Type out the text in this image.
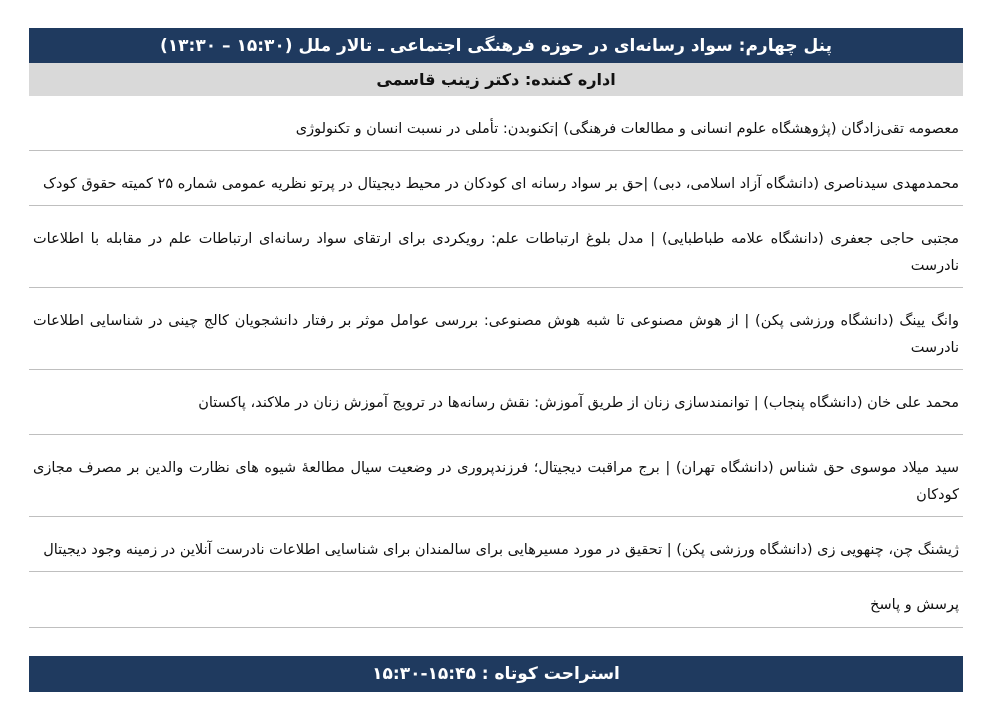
پنل چهارم: سواد رسانه‌ای در حوزه فرهنگی اجتماعی ـ تالار ملل (۱۵:۳۰ – ۱۳:۳۰)
اداره کننده: دکتر زینب قاسمی
معصومه تقی‌زادگان (پژوهشگاه علوم انسانی و مطالعات فرهنگی) |تکنوبدن: تأملی در نسبت انسان و تکنولوژی
محمدمهدی سیدناصری (دانشگاه آزاد اسلامی، دبی) |حق بر سواد رسانه ای کودکان در محیط دیجیتال در پرتو نظریه عمومی شماره ۲۵ کمیته حقوق کودک
مجتبی حاجی جعفری (دانشگاه علامه طباطبایی) | مدل بلوغ ارتباطات علم: رویکردی برای ارتقای سواد رسانه‌ای ارتباطات علم در مقابله با اطلاعات نادرست
وانگ یینگ (دانشگاه ورزشی پکن) | از هوش مصنوعی تا شبه هوش مصنوعی: بررسی عوامل موثر بر رفتار دانشجویان کالج چینی در شناسایی اطلاعات نادرست
محمد علی خان (دانشگاه پنجاب) | توانمندسازی زنان از طریق آموزش: نقش رسانه‌ها در ترویج آموزش زنان در ملاکند، پاکستان
سید میلاد موسوی حق شناس (دانشگاه تهران) | برج مراقبت دیجیتال؛ فرزندپروری در وضعیت سیال مطالعهٔ شیوه های نظارت والدین بر مصرف مجازی کودکان
ژیشنگ چن، چنهویی زی (دانشگاه ورزشی پکن) | تحقیق در مورد مسیرهایی برای سالمندان برای شناسایی اطلاعات نادرست آنلاین در زمینه وجود دیجیتال
پرسش و پاسخ
استراحت کوتاه : ۱۵:۴۵-۱۵:۳۰
